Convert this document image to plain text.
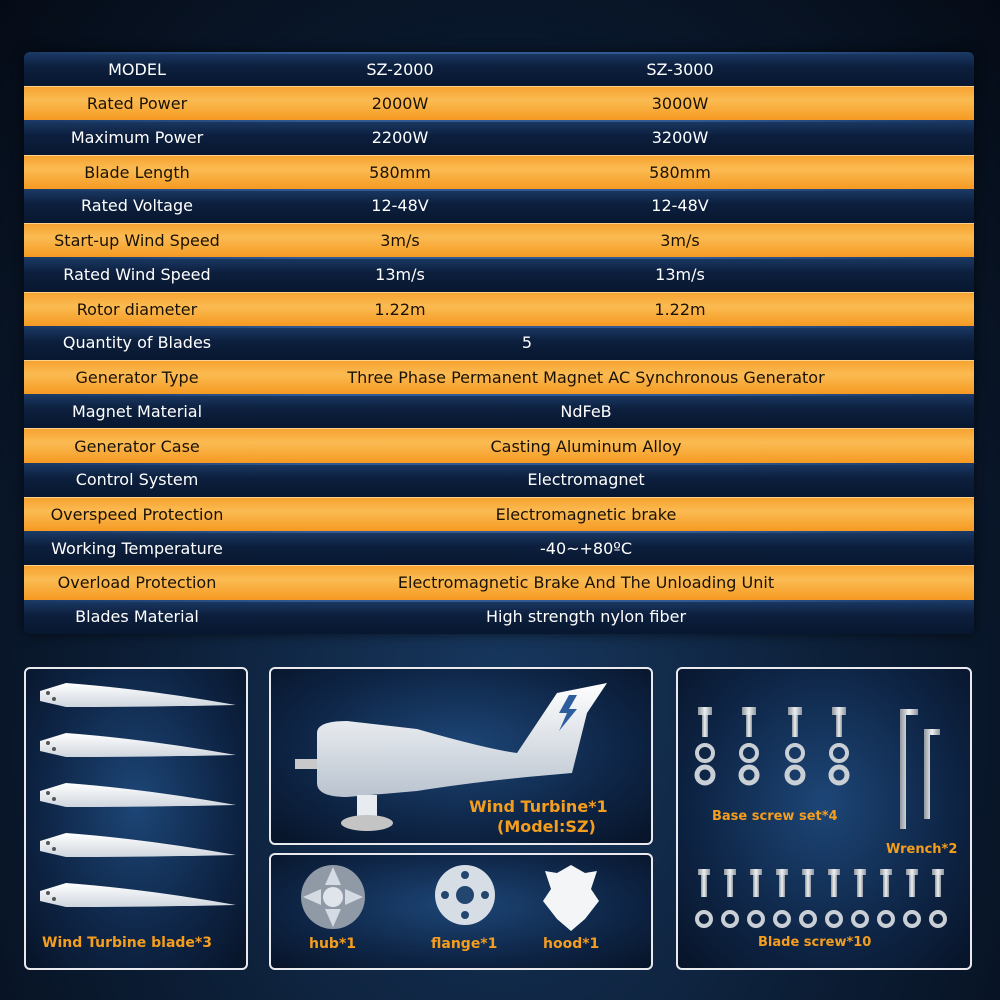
MODEL	SZ-2000	SZ-3000
Rated Power	2000W	3000W
Maximum Power	2200W	3200W
Blade Length	580mm	580mm
Rated Voltage	12-48V	12-48V
Start-up Wind Speed	3m/s	3m/s
Rated Wind Speed	13m/s	13m/s
Rotor diameter	1.22m	1.22m
Quantity of Blades	5
Generator Type	Three Phase Permanent Magnet AC Synchronous Generator
Magnet Material	NdFeB
Generator Case	Casting Aluminum Alloy
Control System	Electromagnet
Overspeed Protection	Electromagnetic brake
Working Temperature	-40~+80ºC
Overload Protection	Electromagnetic Brake And The Unloading Unit
Blades Material	High strength nylon fiber
Wind Turbine blade*3
Wind Turbine*1
(Model:SZ)
hub*1	flange*1	hood*1
Base screw set*4
Wrench*2
Blade screw*10
